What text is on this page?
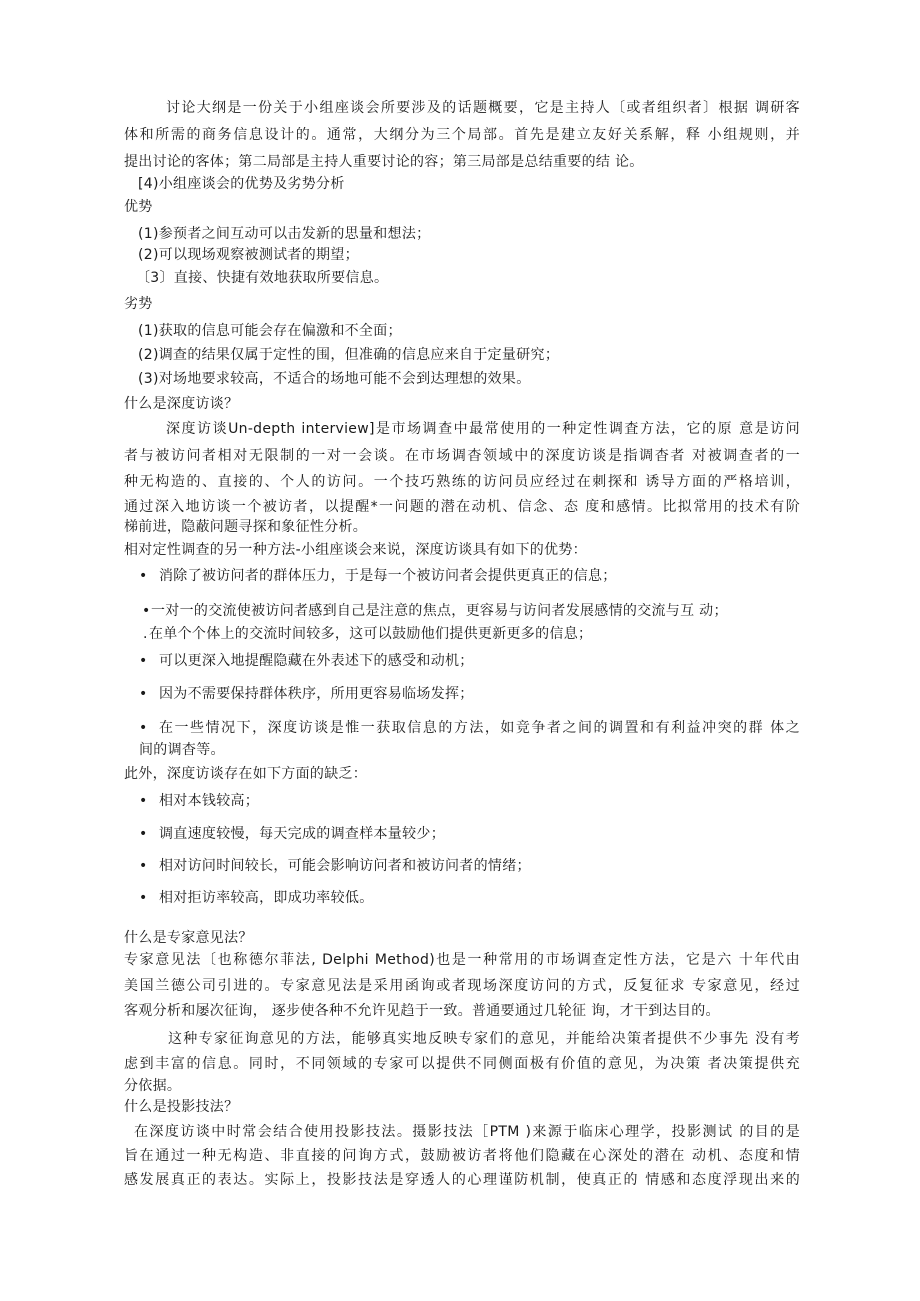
讨论大纲是一份关于小组座谈会所要涉及的话题概要，它是主持人〔或者组织者〕根据 调研客
体和所需的商务信息设计的。通常，大纲分为三个局部。首先是建立友好关系解，释 小组规则，并
提出讨论的客体；第二局部是主持人重要讨论的容；第三局部是总结重要的结 论。
[4)小组座谈会的优势及劣势分析
优势
(1)参预者之间互动可以击发新的思量和想法；
(2)可以现场观察被测试者的期望；
〔3〕直接、快捷有效地获取所要信息。
劣势
(1)获取的信息可能会存在偏激和不全面；
(2)调查的结果仅属于定性的围，但准确的信息应来自于定量研究；
(3)对场地要求较高，不适合的场地可能不会到达理想的效果。
什么是深度访谈？
深度访谈Un-depth interview]是市场调查中最常使用的一种定性调査方法，它的原 意是访问
者与被访问者相对无限制的一对一会谈。在市场调杳领域中的深度访谈是指调杳者 对被调查者的一
种无构造的、直接的、个人的访问。一个技巧熟练的访问员应经过在刺探和 诱导方面的严格培训，
通过深入地访谈一个被访者，以提醒*一问题的潜在动机、信念、态 度和感情。比拟常用的技术有阶
梯前进，隐蔽问题寻探和象征性分析。
相对定性调查的另一种方法-小组座谈会来说，深度访谈具有如下的优势：
• 消除了被访问者的群体压力，于是每一个被访问者会提供更真正的信息；
• 一对一的交流使被访问者感到自己是注意的焦点，更容易与访问者发展感情的交流与互 动；
. 在单个个体上的交流时间较多，这可以鼓励他们提供更新更多的信息；
• 可以更深入地提醒隐藏在外表述下的感受和动机；
• 因为不需要保持群体秩序，所用更容易临场发挥；
• 在一些情况下，深度访谈是惟一获取信息的方法，如竞争者之间的调置和有利益冲突的群 体之
间的调杳等。
此外，深度访谈存在如下方面的缺乏：
• 相对本钱较高；
• 调直速度较慢，每天完成的调查样本量较少；
• 相对访问时间较长，可能会影响访问者和被访问者的情绪；
• 相对拒访率较高，即成功率较低。
什么是专家意见法？
专家意见法〔也称德尔菲法, Delphi Method)也是一种常用的市场调查定性方法，它是六 十年代由
美国兰德公司引进的。专家意见法是采用函询或者现场深度访问的方式，反复征求 专家意见，经过
客观分析和屡次征询， 逐步使各种不允许见趋于一致。普通要通过几轮征 询，才干到达目的。
这种专家征询意见的方法，能够真实地反映专家们的意见，并能给决策者提供不少事先 没有考
虑到丰富的信息。同时，不同领域的专家可以提供不同侧面极有价值的意见，为决策 者决策提供充
分依据。
什么是投影技法？
在深度访谈中时常会结合使用投影技法。摄影技法［PTM )来源于临床心理学，投影测试 的目的是
旨在通过一种无构造、非直接的问询方式，鼓励被访者将他们隐藏在心深处的潜在 动机、态度和情
感发展真正的表达。实际上，投影技法是穿透人的心理谨防机制，使真正的 情感和态度浮现出来的
